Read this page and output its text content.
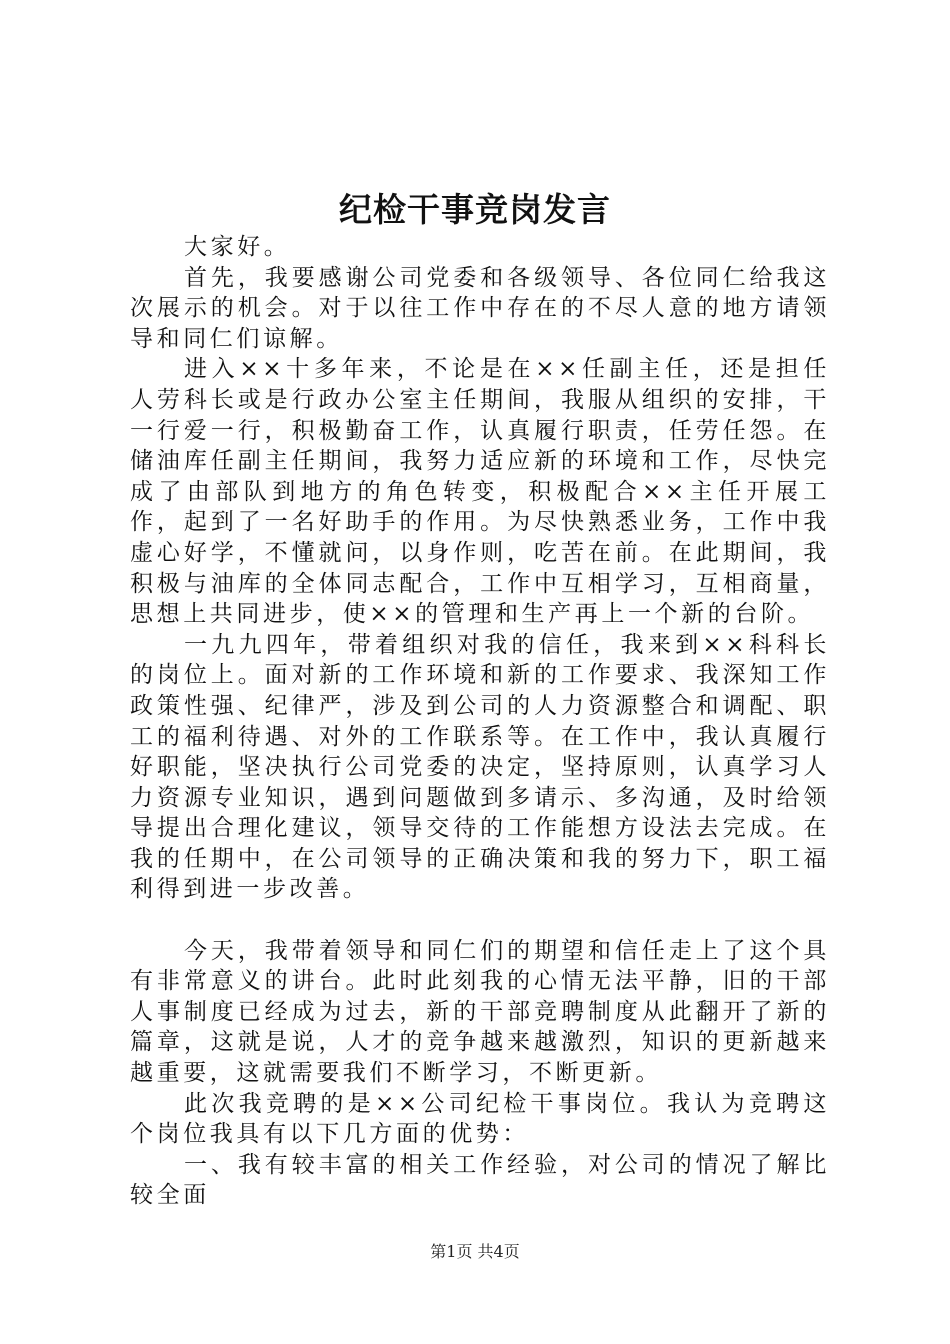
纪检干事竞岗发言

大家好。

首先，我要感谢公司党委和各级领导、各位同仁给我这次展示的机会。对于以往工作中存在的不尽人意的地方请领导和同仁们谅解。

进入××十多年来，不论是在××任副主任，还是担任人劳科长或是行政办公室主任期间，我服从组织的安排，干一行爱一行，积极勤奋工作，认真履行职责，任劳任怨。在储油库任副主任期间，我努力适应新的环境和工作，尽快完成了由部队到地方的角色转变，积极配合××主任开展工作，起到了一名好助手的作用。为尽快熟悉业务，工作中我虚心好学，不懂就问，以身作则，吃苦在前。在此期间，我积极与油库的全体同志配合，工作中互相学习，互相商量，思想上共同进步，使××的管理和生产再上一个新的台阶。

一九九四年，带着组织对我的信任，我来到××科科长的岗位上。面对新的工作环境和新的工作要求、我深知工作政策性强、纪律严，涉及到公司的人力资源整合和调配、职工的福利待遇、对外的工作联系等。在工作中，我认真履行好职能，坚决执行公司党委的决定，坚持原则，认真学习人力资源专业知识，遇到问题做到多请示、多沟通，及时给领导提出合理化建议，领导交待的工作能想方设法去完成。在我的任期中，在公司领导的正确决策和我的努力下，职工福利得到进一步改善。

今天，我带着领导和同仁们的期望和信任走上了这个具有非常意义的讲台。此时此刻我的心情无法平静，旧的干部人事制度已经成为过去，新的干部竞聘制度从此翻开了新的篇章，这就是说，人才的竞争越来越激烈，知识的更新越来越重要，这就需要我们不断学习，不断更新。

此次我竞聘的是××公司纪检干事岗位。我认为竞聘这个岗位我具有以下几方面的优势：

一、我有较丰富的相关工作经验，对公司的情况了解比较全面

第1页 共4页
